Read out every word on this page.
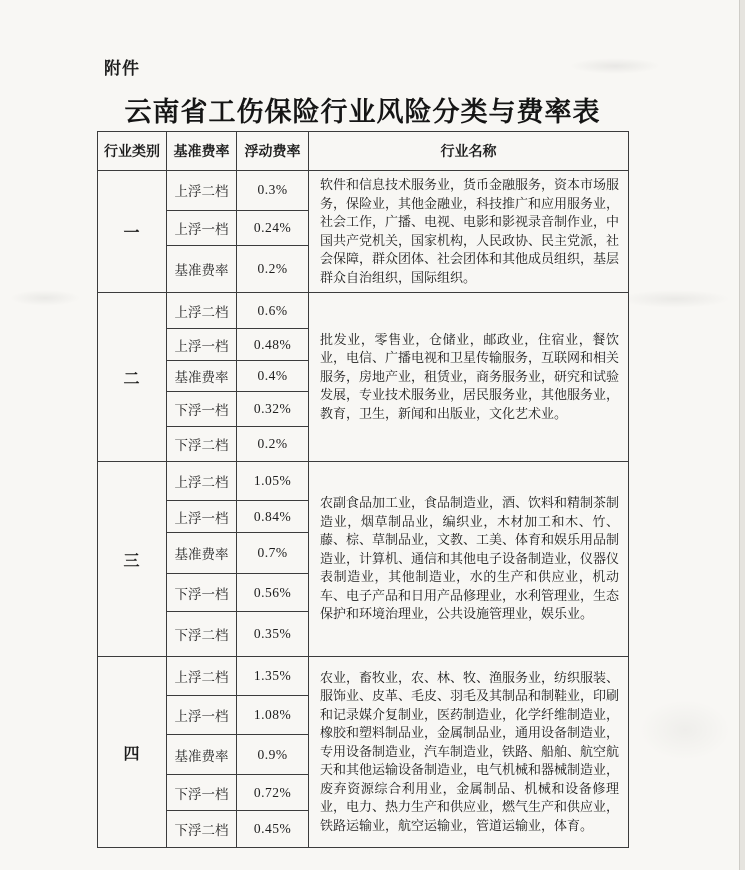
附件
云南省工伤保险行业风险分类与费率表
行业类别	基准费率	浮动费率	行业名称
一	上浮二档	0.3%	软件和信息技术服务业，货币金融服务，资本市场服务，保险业，其他金融业，科技推广和应用服务业，社会工作，广播、电视、电影和影视录音制作业，中国共产党机关，国家机构，人民政协、民主党派，社会保障，群众团体、社会团体和其他成员组织，基层群众自治组织，国际组织。
	上浮一档	0.24%	
	基准费率	0.2%	
二	上浮二档	0.6%	批发业，零售业，仓储业，邮政业，住宿业，餐饮业，电信、广播电视和卫星传输服务，互联网和相关服务，房地产业，租赁业，商务服务业，研究和试验发展，专业技术服务业，居民服务业，其他服务业，教育，卫生，新闻和出版业，文化艺术业。
	上浮一档	0.48%	
	基准费率	0.4%	
	下浮一档	0.32%	
	下浮二档	0.2%	
三	上浮二档	1.05%	农副食品加工业，食品制造业，酒、饮料和精制茶制造业，烟草制品业，编织业，木材加工和木、竹、藤、棕、草制品业，文教、工美、体育和娱乐用品制造业，计算机、通信和其他电子设备制造业，仪器仪表制造业，其他制造业，水的生产和供应业，机动车、电子产品和日用产品修理业，水利管理业，生态保护和环境治理业，公共设施管理业，娱乐业。
	上浮一档	0.84%	
	基准费率	0.7%	
	下浮一档	0.56%	
	下浮二档	0.35%	
四	上浮二档	1.35%	农业，畜牧业，农、林、牧、渔服务业，纺织服装、服饰业、皮革、毛皮、羽毛及其制品和制鞋业，印刷和记录媒介复制业，医药制造业，化学纤维制造业，橡胶和塑料制品业，金属制品业，通用设备制造业，专用设备制造业，汽车制造业，铁路、船舶、航空航天和其他运输设备制造业，电气机械和器械制造业，废弃资源综合利用业，金属制品、机械和设备修理业，电力、热力生产和供应业，燃气生产和供应业，铁路运输业，航空运输业，管道运输业，体育。
	上浮一档	1.08%	
	基准费率	0.9%	
	下浮一档	0.72%	
	下浮二档	0.45%	
